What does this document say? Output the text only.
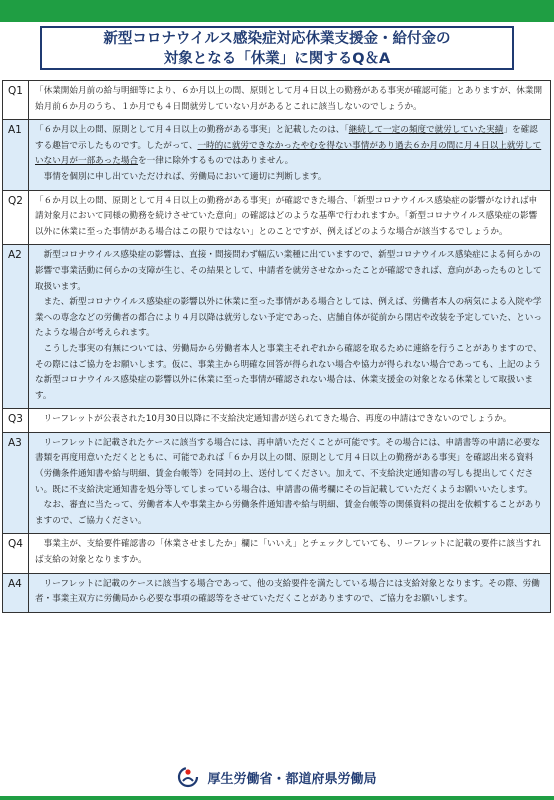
新型コロナウイルス感染症対応休業支援金・給付金の
対象となる「休業」に関するQ＆A
Q1	「休業開始月前の給与明細等により、６か月以上の間、原則として月４日以上の勤務がある事実が確認可能」とありますが、休業開始月前６か月のうち、１か月でも４日間就労していない月があるとこれに該当しないのでしょうか。

A1	「６か月以上の間、原則として月４日以上の勤務がある事実」と記載したのは、「継続して一定の頻度で就労していた実績」を確認する趣旨で示したものです。したがって、一時的に就労できなかったやむを得ない事情があり過去６か月の間に月４日以上就労していない月が一部あった場合を一律に除外するものではありません。

事情を個別に申し出ていただければ、労働局において適切に判断します。

Q2	「６か月以上の間、原則として月４日以上の勤務がある事実」が確認できた場合、「新型コロナウイルス感染症の影響がなければ申請対象月において同様の勤務を続けさせていた意向」の確認はどのような基準で行われますか。「新型コロナウイルス感染症の影響以外に休業に至った事情がある場合はこの限りではない」とのことですが、例えばどのような場合が該当するでしょうか。

A2	新型コロナウイルス感染症の影響は、直接・間接問わず幅広い業種に出ていますので、新型コロナウイルス感染症による何らかの影響で事業活動に何らかの支障が生じ、その結果として、申請者を就労させなかったことが確認できれば、意向があったものとして取扱います。

また、新型コロナウイルス感染症の影響以外に休業に至った事情がある場合としては、例えば、労働者本人の病気による入院や学業への専念などの労働者の都合により４月以降は就労しない予定であった、店舗自体が従前から閉店や改装を予定していた、といったような場合が考えられます。

こうした事実の有無については、労働局から労働者本人と事業主それぞれから確認を取るために連絡を行うことがありますので、その際にはご協力をお願いします。仮に、事業主から明確な回答が得られない場合や協力が得られない場合であっても、上記のような新型コロナウイルス感染症の影響以外に休業に至った事情が確認されない場合は、休業支援金の対象となる休業として取扱います。

Q3	リーフレットが公表された10月30日以降に不支給決定通知書が送られてきた場合、再度の申請はできないのでしょうか。

A3	リーフレットに記載されたケースに該当する場合には、再申請いただくことが可能です。その場合には、申請書等の申請に必要な書類を再度用意いただくとともに、可能であれば「６か月以上の間、原則として月４日以上の勤務がある事実」を確認出来る資料（労働条件通知書や給与明細、賃金台帳等）を同封の上、送付してください。加えて、不支給決定通知書の写しも提出してください。既に不支給決定通知書を処分等してしまっている場合は、申請書の備考欄にその旨記載していただくようお願いいたします。

なお、審査に当たって、労働者本人や事業主から労働条件通知書や給与明細、賃金台帳等の関係資料の提出を依頼することがありますので、ご協力ください。

Q4	事業主が、支給要件確認書の「休業させましたか」欄に「いいえ」とチェックしていても、リーフレットに記載の要件に該当すれば支給の対象となりますか。

A4	リーフレットに記載のケースに該当する場合であって、他の支給要件を満たしている場合には支給対象となります。その際、労働者・事業主双方に労働局から必要な事項の確認等をさせていただくことがありますので、ご協力をお願いします。

厚生労働省・都道府県労働局
